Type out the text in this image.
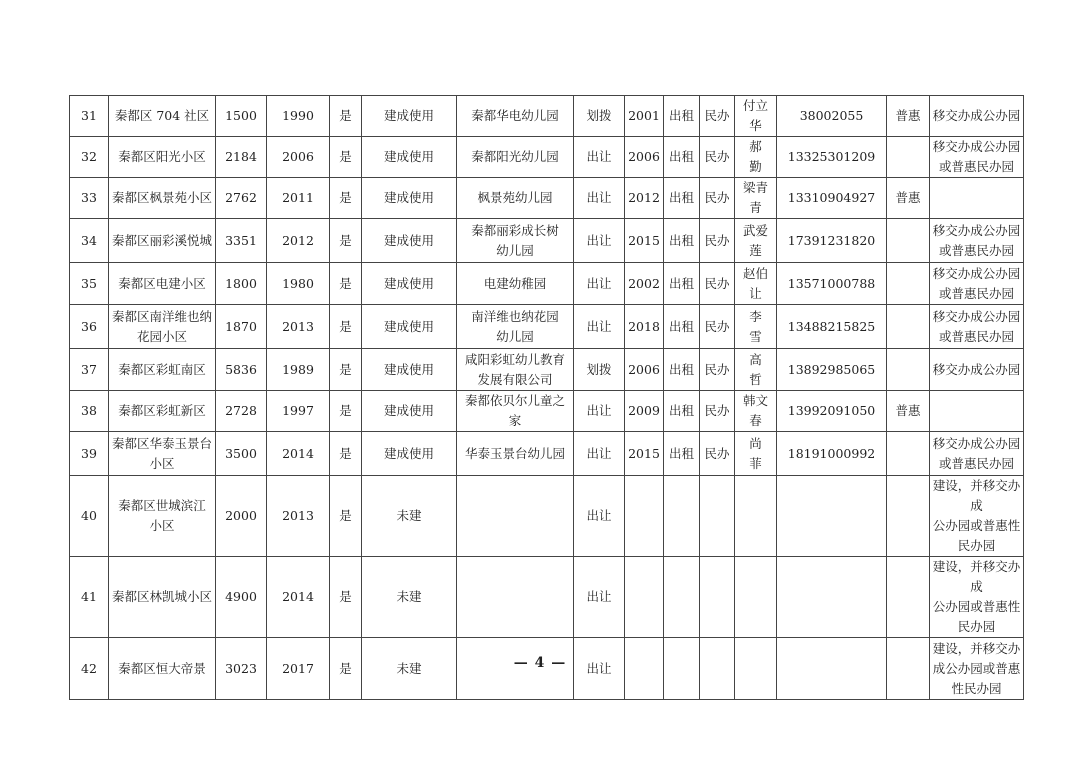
31	秦都区 704 社区	1500	1990	是	建成使用	秦都华电幼儿园	划拨	2001	出租	民办	付立华	38002055	普惠	移交办成公办园

32	秦都区阳光小区	2184	2006	是	建成使用	秦都阳光幼儿园	出让	2006	出租	民办	郝　勤	13325301209		移交办成公办园
或普惠民办园

33	秦都区枫景苑小区	2762	2011	是	建成使用	枫景苑幼儿园	出让	2012	出租	民办	梁青青	13310904927	普惠	

34	秦都区丽彩溪悦城	3351	2012	是	建成使用	秦都丽彩成长树
幼儿园	出让	2015	出租	民办	武爱莲	17391231820		移交办成公办园
或普惠民办园

35	秦都区电建小区	1800	1980	是	建成使用	电建幼稚园	出让	2002	出租	民办	赵伯让	13571000788		移交办成公办园
或普惠民办园

36	秦都区南洋维也纳
花园小区	1870	2013	是	建成使用	南洋维也纳花园
幼儿园	出让	2018	出租	民办	李　雪	13488215825		移交办成公办园
或普惠民办园

37	秦都区彩虹南区	5836	1989	是	建成使用	咸阳彩虹幼儿教育
发展有限公司	划拨	2006	出租	民办	高　哲	13892985065		移交办成公办园

38	秦都区彩虹新区	2728	1997	是	建成使用	秦都依贝尔儿童之家	出让	2009	出租	民办	韩文春	13992091050	普惠	

39	秦都区华泰玉景台
小区	3500	2014	是	建成使用	华泰玉景台幼儿园	出让	2015	出租	民办	尚　菲	18191000992		移交办成公办园
或普惠民办园

40	秦都区世城滨江
小区	2000	2013	是	未建		出让							建设，并移交办成
公办园或普惠性
民办园

41	秦都区林凯城小区	4900	2014	是	未建		出让							建设，并移交办成
公办园或普惠性
民办园

42	秦都区恒大帝景	3023	2017	是	未建		出让							建设，并移交办
成公办园或普惠
性民办园
— 4 —
